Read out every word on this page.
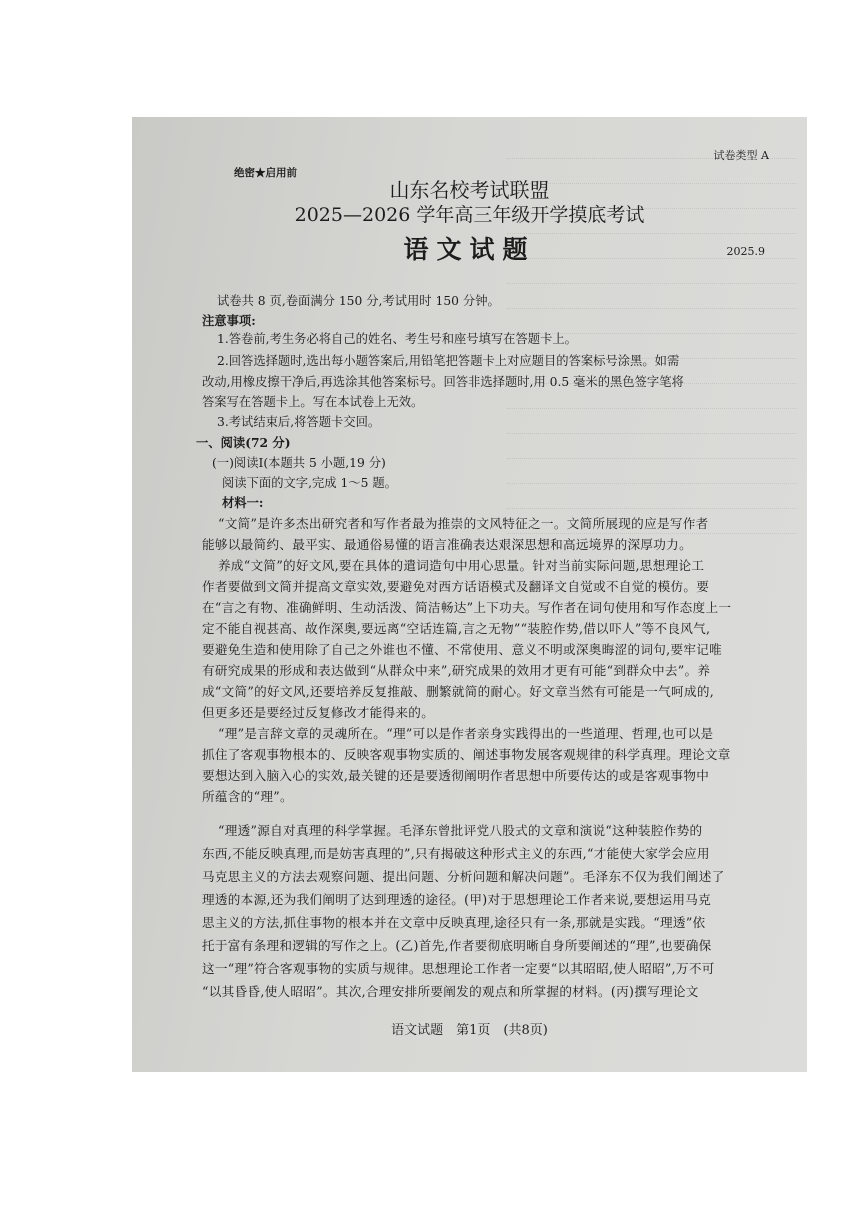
绝密★启用前
试卷类型 A
山东名校考试联盟
2025—2026 学年高三年级开学摸底考试
语文试题	2025.9
试卷共 8 页,卷面满分 150 分,考试用时 150 分钟。
注意事项:
1.答卷前,考生务必将自己的姓名、考生号和座号填写在答题卡上。
2.回答选择题时,选出每小题答案后,用铅笔把答题卡上对应题目的答案标号涂黑。如需
改动,用橡皮擦干净后,再选涂其他答案标号。回答非选择题时,用 0.5 毫米的黑色签字笔将
答案写在答题卡上。写在本试卷上无效。
3.考试结束后,将答题卡交回。
一、阅读(72 分)
(一)阅读Ⅰ(本题共 5 小题,19 分)
阅读下面的文字,完成 1～5 题。
材料一:
“文简”是许多杰出研究者和写作者最为推崇的文风特征之一。文简所展现的应是写作者
能够以最简约、最平实、最通俗易懂的语言准确表达艰深思想和高远境界的深厚功力。
养成“文简”的好文风,要在具体的遣词造句中用心思量。针对当前实际问题,思想理论工
作者要做到文简并提高文章实效,要避免对西方话语模式及翻译文自觉或不自觉的模仿。要
在“言之有物、准确鲜明、生动活泼、简洁畅达”上下功夫。写作者在词句使用和写作态度上一
定不能自视甚高、故作深奥,要远离“空话连篇,言之无物”“装腔作势,借以吓人”等不良风气,
要避免生造和使用除了自己之外谁也不懂、不常使用、意义不明或深奥晦涩的词句,要牢记唯
有研究成果的形成和表达做到“从群众中来”,研究成果的效用才更有可能“到群众中去”。养
成“文简”的好文风,还要培养反复推敲、删繁就简的耐心。好文章当然有可能是一气呵成的,
但更多还是要经过反复修改才能得来的。
“理”是言辞文章的灵魂所在。“理”可以是作者亲身实践得出的一些道理、哲理,也可以是
抓住了客观事物根本的、反映客观事物实质的、阐述事物发展客观规律的科学真理。理论文章
要想达到入脑入心的实效,最关键的还是要透彻阐明作者思想中所要传达的或是客观事物中
所蕴含的“理”。
“理透”源自对真理的科学掌握。毛泽东曾批评党八股式的文章和演说“这种装腔作势的
东西,不能反映真理,而是妨害真理的”,只有揭破这种形式主义的东西,“才能使大家学会应用
马克思主义的方法去观察问题、提出问题、分析问题和解决问题”。毛泽东不仅为我们阐述了
理透的本源,还为我们阐明了达到理透的途径。(甲)对于思想理论工作者来说,要想运用马克
思主义的方法,抓住事物的根本并在文章中反映真理,途径只有一条,那就是实践。“理透”依
托于富有条理和逻辑的写作之上。(乙)首先,作者要彻底明晰自身所要阐述的“理”,也要确保
这一“理”符合客观事物的实质与规律。思想理论工作者一定要“以其昭昭,使人昭昭”,万不可
“以其昏昏,使人昭昭”。其次,合理安排所要阐发的观点和所掌握的材料。(丙)撰写理论文
语文试题　第1页　(共8页)
